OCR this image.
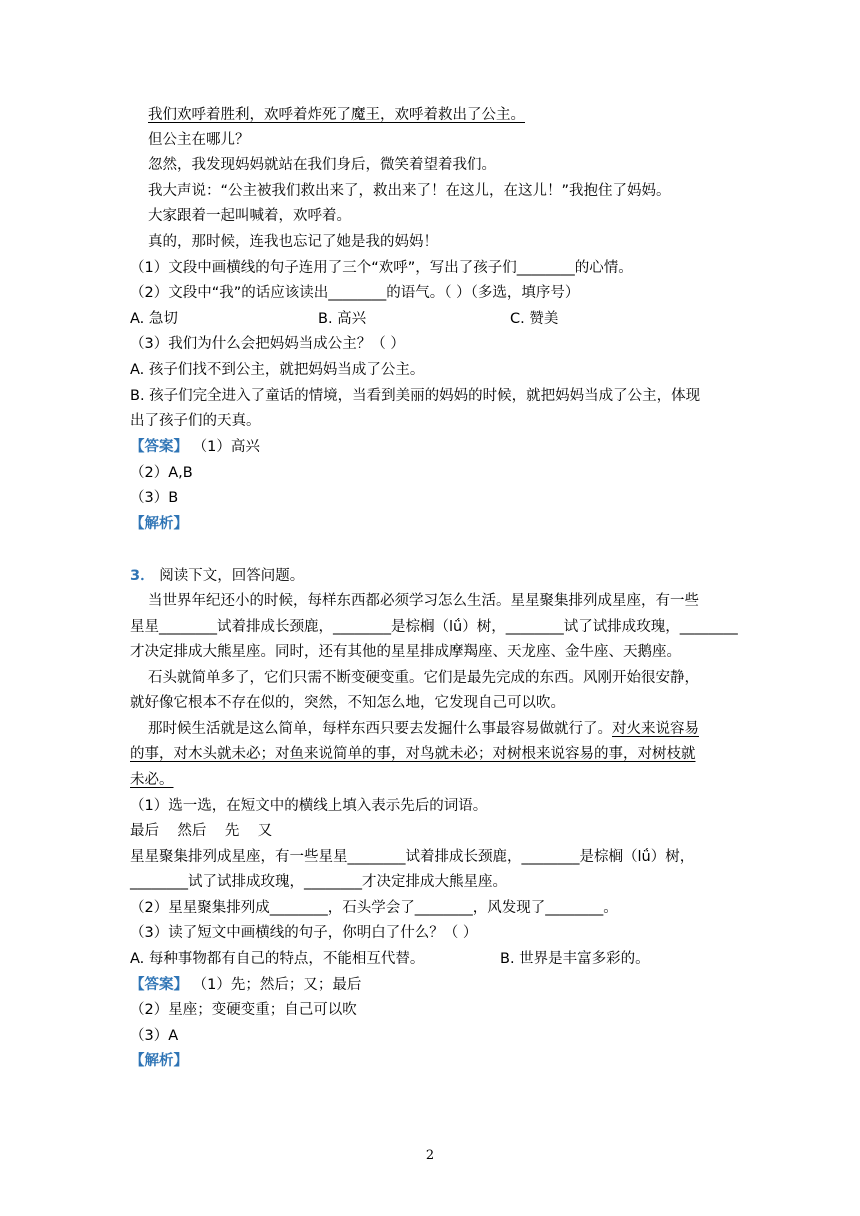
我们欢呼着胜利，欢呼着炸死了魔王，欢呼着救出了公主。
但公主在哪儿？
忽然，我发现妈妈就站在我们身后，微笑着望着我们。
我大声说：“公主被我们救出来了，救出来了！在这儿，在这儿！”我抱住了妈妈。
大家跟着一起叫喊着，欢呼着。
真的，那时候，连我也忘记了她是我的妈妈！
（1）文段中画横线的句子连用了三个“欢呼”，写出了孩子们________的心情。
（2）文段中“我”的话应该读出________的语气。（ ）（多选，填序号）
A. 急切	B. 高兴	C. 赞美
（3）我们为什么会把妈妈当成公主？（ ）
A. 孩子们找不到公主，就把妈妈当成了公主。
B. 孩子们完全进入了童话的情境，当看到美丽的妈妈的时候，就把妈妈当成了公主，体现
出了孩子们的天真。
【答案】 （1）高兴
（2）A,B
（3）B
【解析】
3． 阅读下文，回答问题。
当世界年纪还小的时候，每样东西都必须学习怎么生活。星星聚集排列成星座，有一些
星星________试着排成长颈鹿，________是棕榈（lǘ）树，________试了试排成玫瑰，________
才决定排成大熊星座。同时，还有其他的星星排成摩羯座、天龙座、金牛座、天鹅座。
石头就简单多了，它们只需不断变硬变重。它们是最先完成的东西。风刚开始很安静，
就好像它根本不存在似的，突然，不知怎么地，它发现自己可以吹。
那时候生活就是这么简单，每样东西只要去发掘什么事最容易做就行了。对火来说容易
的事，对木头就未必；对鱼来说简单的事，对鸟就未必；对树根来说容易的事，对树枝就
未必。
（1）选一选，在短文中的横线上填入表示先后的词语。
最后    然后    先    又
星星聚集排列成星座，有一些星星________试着排成长颈鹿，________是棕榈（lǘ）树，
________试了试排成玫瑰，________才决定排成大熊星座。
（2）星星聚集排列成________，石头学会了________，风发现了________。
（3）读了短文中画横线的句子，你明白了什么？（ ）
A. 每种事物都有自己的特点，不能相互代替。	B. 世界是丰富多彩的。
【答案】 （1）先；然后；又；最后
（2）星座；变硬变重；自己可以吹
（3）A
【解析】
2
